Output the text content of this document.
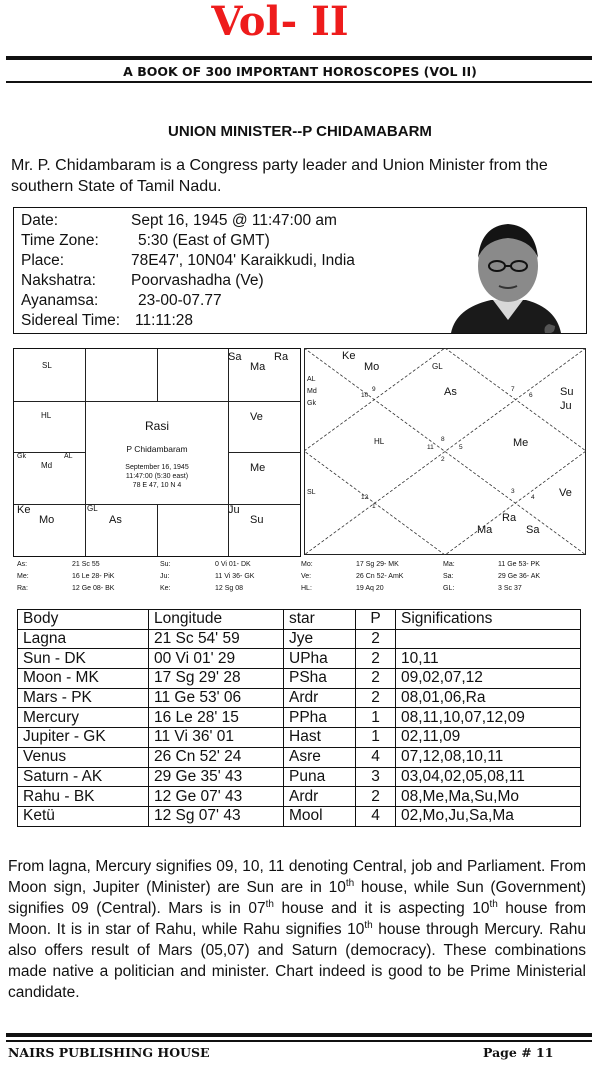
Vol- II
A BOOK OF 300 IMPORTANT HOROSCOPES (VOL II)
UNION MINISTER--P CHIDAMABARM
Mr. P. Chidambaram is a Congress party leader and Union Minister from the southern State of Tamil Nadu.
Date:	Sept 16, 1945 @ 11:47:00 am
Time Zone:	5:30 (East of GMT)
Place:	78E47', 10N04' Karaikkudi, India
Nakshatra: Poorvashadha (Ve)
Ayanamsa:	23-00-07.77
Sidereal Time: 11:11:28
SL
Sa	Ra
Ma
HL	Ve
Gk	AL
Md	Me
Ke
Mo
GL
As
Ju
Su
Rasi
P Chidambaram
September 16, 1945
11:47:00 (5:30 east)
78 E 47, 10 N 4
Ke
Mo	GL
AL
Md
Gk
As	Su
Ju
HL	Me
SL	Ve
Ra
Ma	Sa
10
9	7
6
11
8
5
12
1
3
4
2
As:	21 Sc 55	Su:	0 Vi 01- DK	Mo:	17 Sg 29- MK	Ma:	11 Ge 53- PK
Me:	16 Le 28- PiK	Ju:	11 Vi 36- GK	Ve:	26 Cn 52- AmK	Sa:	29 Ge 36- AK
Ra:	12 Ge 08- BK	Ke:	12 Sg 08	HL:	19 Aq 20	GL:	3 Sc 37
Body	Longitude	star	P	Significations
Lagna	21 Sc 54' 59	Jye	2	
Sun - DK	00 Vi 01' 29	UPha	2	10,11
Moon - MK	17 Sg 29' 28	PSha	2	09,02,07,12
Mars - PK	11 Ge 53' 06	Ardr	2	08,01,06,Ra
Mercury	16 Le 28' 15	PPha	1	08,11,10,07,12,09
Jupiter - GK	11 Vi 36' 01	Hast	1	02,11,09
Venus	26 Cn 52' 24	Asre	4	07,12,08,10,11
Saturn - AK	29 Ge 35' 43	Puna	3	03,04,02,05,08,11
Rahu - BK	12 Ge 07' 43	Ardr	2	08,Me,Ma,Su,Mo
Ketü	12 Sg 07' 43	Mool	4	02,Mo,Ju,Sa,Ma
From lagna, Mercury signifies 09, 10, 11 denoting Central, job and Parliament. From Moon sign, Jupiter (Minister) are Sun are in 10th house, while Sun (Government) signifies 09 (Central). Mars is in 07th house and it is aspecting 10th house from Moon. It is in star of Rahu, while Rahu signifies 10th house through Mercury. Rahu also offers result of Mars (05,07) and Saturn (democracy). These combinations made native a politician and minister. Chart indeed is good to be Prime Ministerial candidate.
NAIRS PUBLISHING HOUSE	Page # 11
